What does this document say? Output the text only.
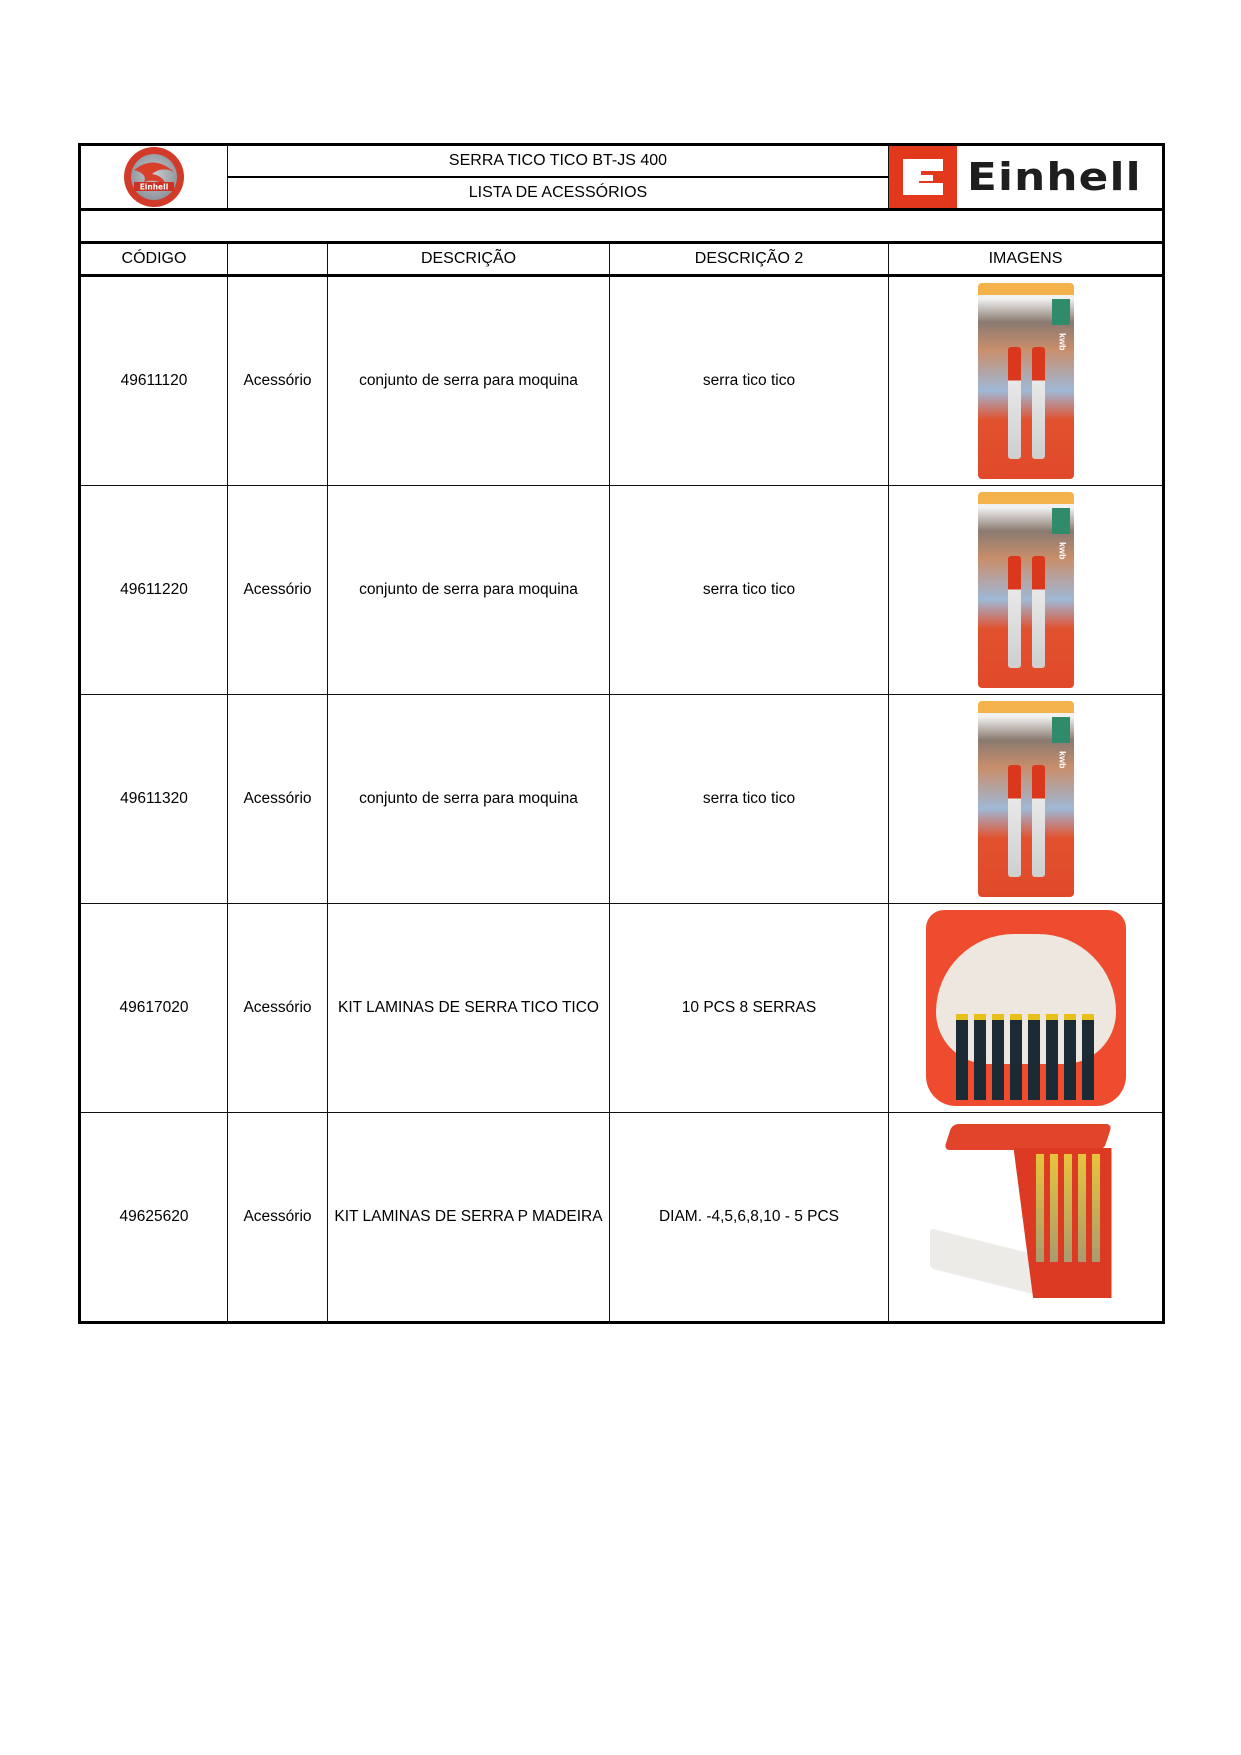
Einhell	SERRA TICO TICO BT-JS 400			Einhell

	LISTA DE ACESSÓRIOS			

CÓDIGO		DESCRIÇÃO	DESCRIÇÃO 2	IMAGENS
49611120	Acessório	conjunto de serra para moquina	serra tico tico	kwb

49611220	Acessório	conjunto de serra para moquina	serra tico tico	kwb

49611320	Acessório	conjunto de serra para moquina	serra tico tico	kwb

49617020	Acessório	KIT LAMINAS DE SERRA TICO TICO	10 PCS 8 SERRAS	

49625620	Acessório	KIT LAMINAS DE SERRA P MADEIRA	DIAM. -4,5,6,8,10 - 5 PCS	
